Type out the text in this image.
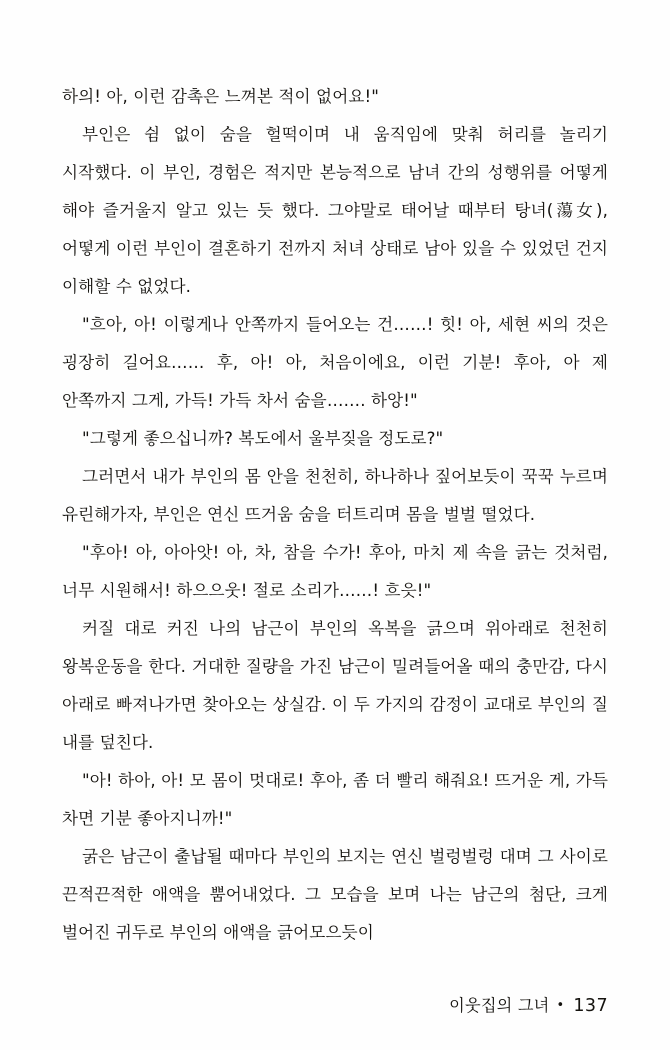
하의! 아, 이런 감촉은 느껴본 적이 없어요!"

부인은 쉼 없이 숨을 헐떡이며 내 움직임에 맞춰 허리를 놀리기 시작했다. 이 부인, 경험은 적지만 본능적으로 남녀 간의 성행위를 어떻게 해야 즐거울지 알고 있는 듯 했다. 그야말로 태어날 때부터 탕녀(蕩女), 어떻게 이런 부인이 결혼하기 전까지 처녀 상태로 남아 있을 수 있었던 건지 이해할 수 없었다.

"흐아, 아! 이렇게나 안쪽까지 들어오는 건……! 힛! 아, 세현 씨의 것은 굉장히 길어요…… 후, 아! 아, 처음이에요, 이런 기분! 후아, 아 제 안쪽까지 그게, 가득! 가득 차서 숨을……. 하앙!"

"그렇게 좋으십니까? 복도에서 울부짖을 정도로?"

그러면서 내가 부인의 몸 안을 천천히, 하나하나 짚어보듯이 꾹꾹 누르며 유린해가자, 부인은 연신 뜨거움 숨을 터트리며 몸을 벌벌 떨었다.

"후아! 아, 아아앗! 아, 차, 참을 수가! 후아, 마치 제 속을 긁는 것처럼, 너무 시원해서! 하으으웃! 절로 소리가……! 흐읏!"

커질 대로 커진 나의 남근이 부인의 옥복을 긁으며 위아래로 천천히 왕복운동을 한다. 거대한 질량을 가진 남근이 밀려들어올 때의 충만감, 다시 아래로 빠져나가면 찾아오는 상실감. 이 두 가지의 감정이 교대로 부인의 질 내를 덮친다.

"아! 하아, 아! 모 몸이 멋대로! 후아, 좀 더 빨리 해줘요! 뜨거운 게, 가득 차면 기분 좋아지니까!"

굵은 남근이 출납될 때마다 부인의 보지는 연신 벌렁벌렁 대며 그 사이로 끈적끈적한 애액을 뿜어내었다. 그 모습을 보며 나는 남근의 첨단, 크게 벌어진 귀두로 부인의 애액을 긁어모으듯이

이웃집의 그녀 • 137
